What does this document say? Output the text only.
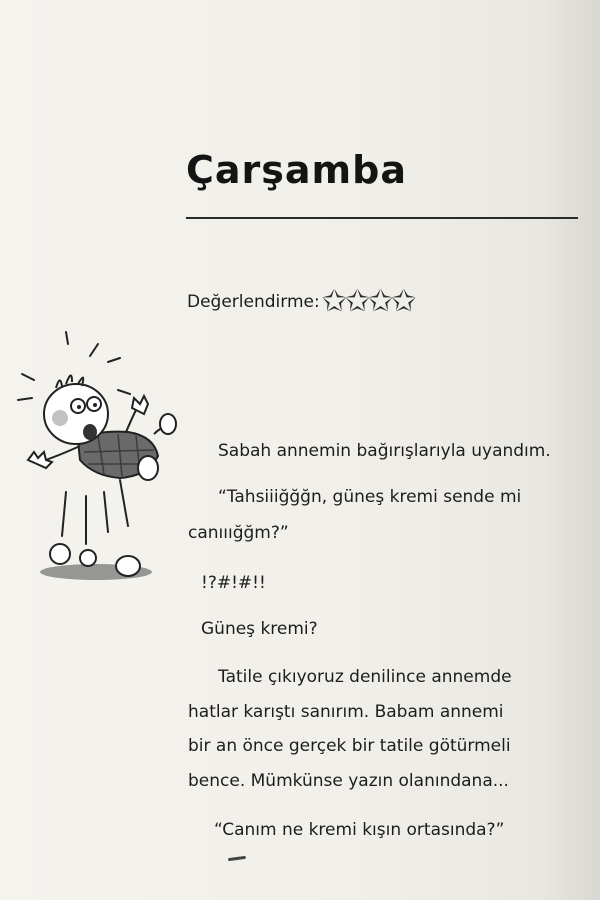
Çarşamba
Değerlendirme: ✩
✩
✩
✩
Sabah annemin bağırışlarıyla uyandım.
“Tahsiiiğğğn, güneş kremi sende mi
canııığğm?”
!?#!#!!
Güneş kremi?
Tatile çıkıyoruz denilince annemde
hatlar karıştı sanırım. Babam annemi
bir an önce gerçek bir tatile götürmeli
bence. Mümkünse yazın olanındana...
“Canım ne kremi kışın ortasında?”
